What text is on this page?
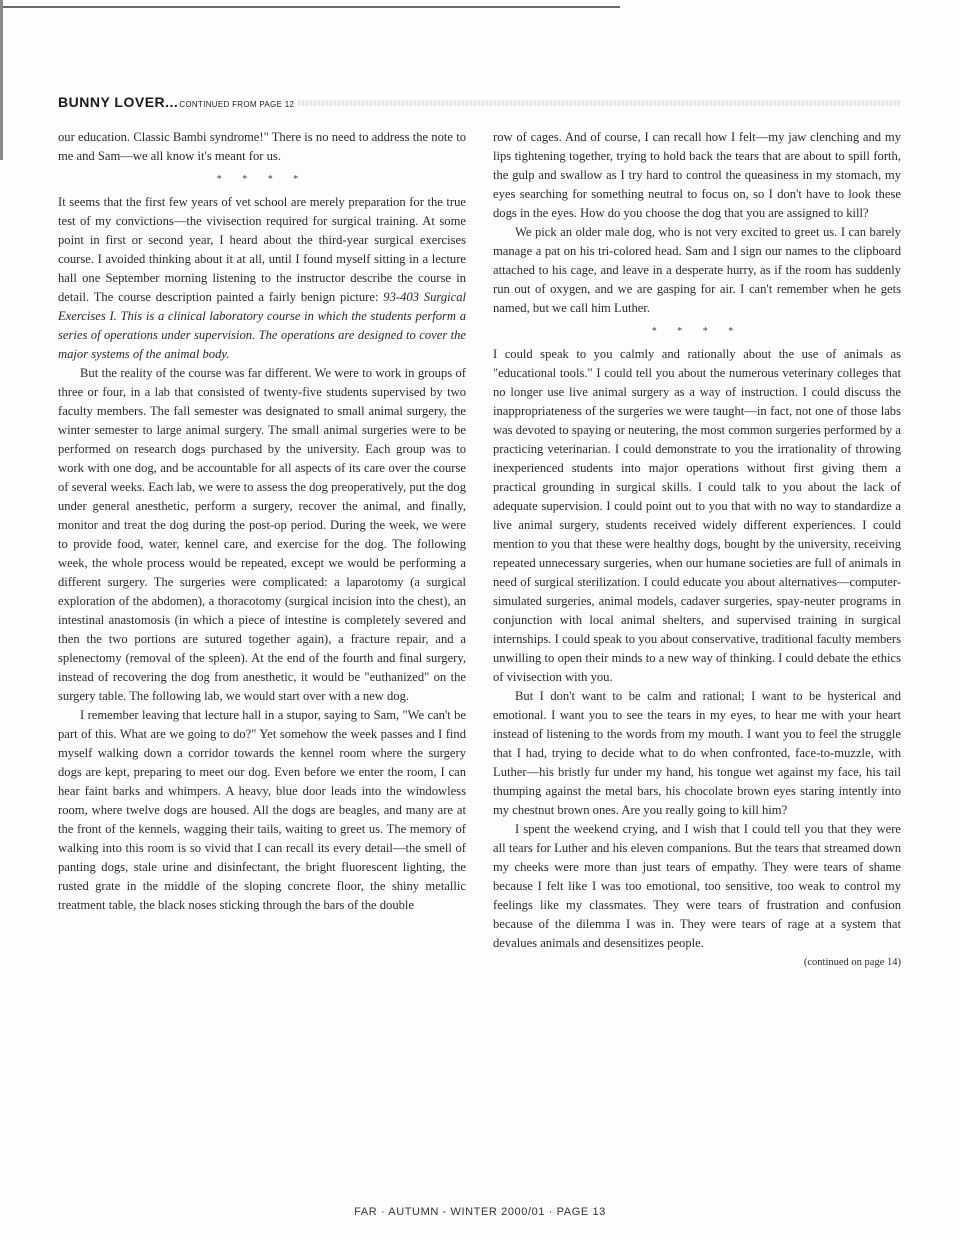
BUNNY LOVER... CONTINUED FROM PAGE 12

our education. Classic Bambi syndrome!" There is no need to address the note to me and Sam—we all know it's meant for us.

* * * *

It seems that the first few years of vet school are merely preparation for the true test of my convictions—the vivisection required for surgical training. At some point in first or second year, I heard about the third-year surgical exercises course. I avoided thinking about it at all, until I found myself sitting in a lecture hall one September morning listening to the instructor describe the course in detail. The course description painted a fairly benign picture: 93-403 Surgical Exercises I. This is a clinical laboratory course in which the students perform a series of operations under supervision. The operations are designed to cover the major systems of the animal body.

But the reality of the course was far different. We were to work in groups of three or four, in a lab that consisted of twenty-five students supervised by two faculty members. The fall semester was designated to small animal surgery, the winter semester to large animal surgery. The small animal surgeries were to be performed on research dogs purchased by the university. Each group was to work with one dog, and be accountable for all aspects of its care over the course of several weeks. Each lab, we were to assess the dog preoperatively, put the dog under general anesthetic, perform a surgery, recover the animal, and finally, monitor and treat the dog during the post-op period. During the week, we were to provide food, water, kennel care, and exercise for the dog. The following week, the whole process would be repeated, except we would be performing a different surgery. The surgeries were complicated: a laparotomy (a surgical exploration of the abdomen), a thoracotomy (surgical incision into the chest), an intestinal anastomosis (in which a piece of intestine is completely severed and then the two portions are sutured together again), a fracture repair, and a splenectomy (removal of the spleen). At the end of the fourth and final surgery, instead of recovering the dog from anesthetic, it would be "euthanized" on the surgery table. The following lab, we would start over with a new dog.

I remember leaving that lecture hall in a stupor, saying to Sam, "We can't be part of this. What are we going to do?" Yet somehow the week passes and I find myself walking down a corridor towards the kennel room where the surgery dogs are kept, preparing to meet our dog. Even before we enter the room, I can hear faint barks and whimpers. A heavy, blue door leads into the windowless room, where twelve dogs are housed. All the dogs are beagles, and many are at the front of the kennels, wagging their tails, waiting to greet us. The memory of walking into this room is so vivid that I can recall its every detail—the smell of panting dogs, stale urine and disinfectant, the bright fluorescent lighting, the rusted grate in the middle of the sloping concrete floor, the shiny metallic treatment table, the black noses sticking through the bars of the double

row of cages. And of course, I can recall how I felt—my jaw clenching and my lips tightening together, trying to hold back the tears that are about to spill forth, the gulp and swallow as I try hard to control the queasiness in my stomach, my eyes searching for something neutral to focus on, so I don't have to look these dogs in the eyes. How do you choose the dog that you are assigned to kill?

We pick an older male dog, who is not very excited to greet us. I can barely manage a pat on his tri-colored head. Sam and I sign our names to the clipboard attached to his cage, and leave in a desperate hurry, as if the room has suddenly run out of oxygen, and we are gasping for air. I can't remember when he gets named, but we call him Luther.

* * * *

I could speak to you calmly and rationally about the use of animals as "educational tools." I could tell you about the numerous veterinary colleges that no longer use live animal surgery as a way of instruction. I could discuss the inappropriateness of the surgeries we were taught—in fact, not one of those labs was devoted to spaying or neutering, the most common surgeries performed by a practicing veterinarian. I could demonstrate to you the irrationality of throwing inexperienced students into major operations without first giving them a practical grounding in surgical skills. I could talk to you about the lack of adequate supervision. I could point out to you that with no way to standardize a live animal surgery, students received widely different experiences. I could mention to you that these were healthy dogs, bought by the university, receiving repeated unnecessary surgeries, when our humane societies are full of animals in need of surgical sterilization. I could educate you about alternatives—computer-simulated surgeries, animal models, cadaver surgeries, spay-neuter programs in conjunction with local animal shelters, and supervised training in surgical internships. I could speak to you about conservative, traditional faculty members unwilling to open their minds to a new way of thinking. I could debate the ethics of vivisection with you.

But I don't want to be calm and rational; I want to be hysterical and emotional. I want you to see the tears in my eyes, to hear me with your heart instead of listening to the words from my mouth. I want you to feel the struggle that I had, trying to decide what to do when confronted, face-to-muzzle, with Luther—his bristly fur under my hand, his tongue wet against my face, his tail thumping against the metal bars, his chocolate brown eyes staring intently into my chestnut brown ones. Are you really going to kill him?

I spent the weekend crying, and I wish that I could tell you that they were all tears for Luther and his eleven companions. But the tears that streamed down my cheeks were more than just tears of empathy. They were tears of shame because I felt like I was too emotional, too sensitive, too weak to control my feelings like my classmates. They were tears of frustration and confusion because of the dilemma I was in. They were tears of rage at a system that devalues animals and desensitizes people.

(continued on page 14)
FAR · AUTUMN - WINTER 2000/01 · PAGE 13
